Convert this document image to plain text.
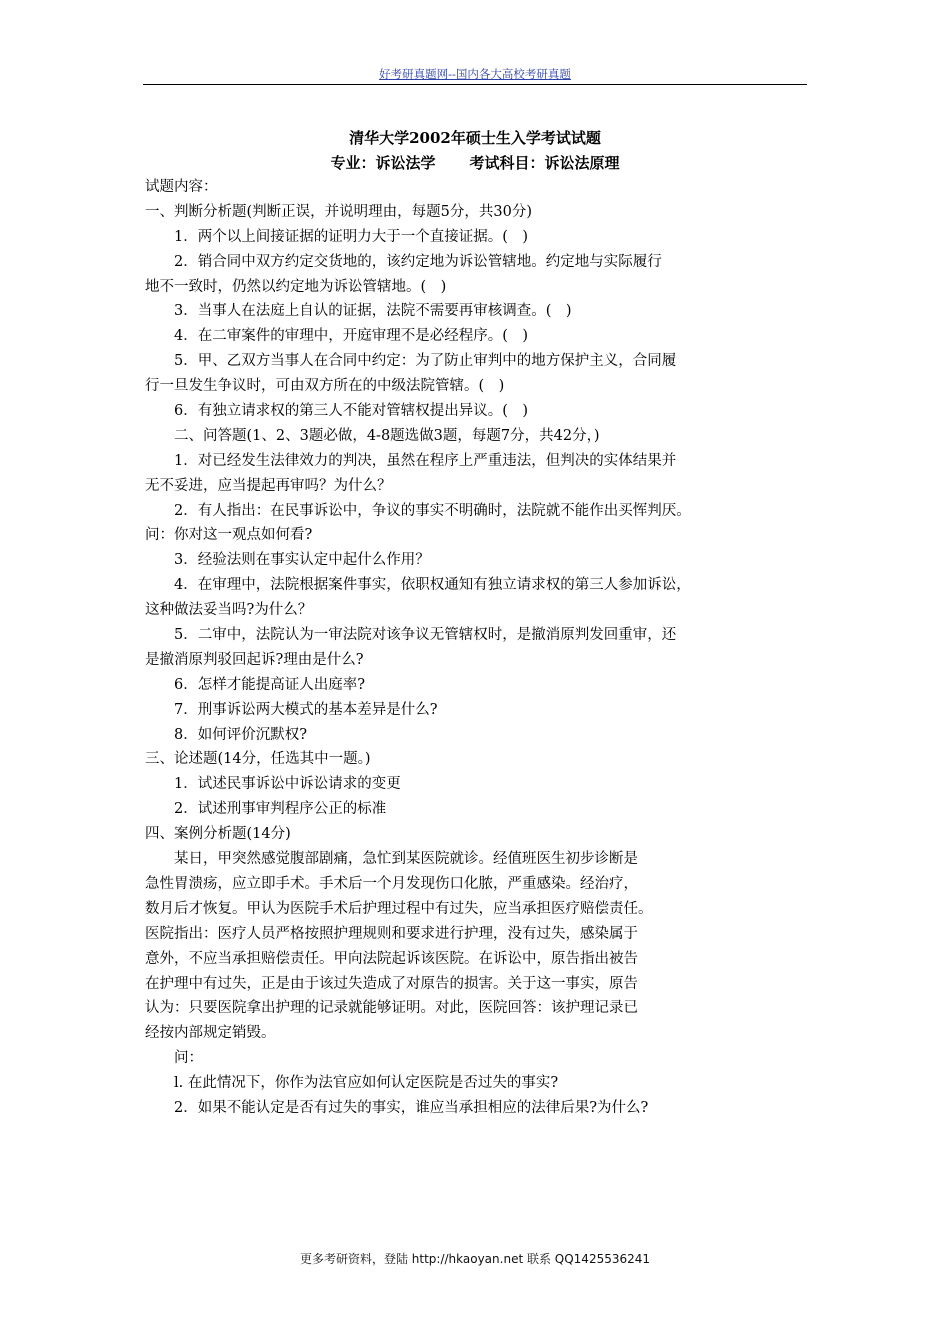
好考研真题网--国内各大高校考研真题
清华大学2002年硕士生入学考试试题
专业：诉讼法学 考试科目：诉讼法原理
试题内容：
一、判断分析题(判断正误，并说明理由，每题5分，共30分)
1．两个以上间接证据的证明力大于一个直接证据。(　)
2．销合同中双方约定交货地的，该约定地为诉讼管辖地。约定地与实际履行
地不一致时，仍然以约定地为诉讼管辖地。(　)
3．当事人在法庭上自认的证据，法院不需要再审核调查。(　)
4．在二审案件的审理中，开庭审理不是必经程序。(　)
5．甲、乙双方当事人在合同中约定：为了防止审判中的地方保护主义，合同履
行一旦发生争议时，可由双方所在的中级法院管辖。(　)
6．有独立请求权的第三人不能对管辖权提出异议。(　)
二、问答题(1、2、3题必做，4-8题选做3题，每题7分，共42分，)
1．对已经发生法律效力的判决，虽然在程序上严重违法，但判决的实体结果并
无不妥进，应当提起再审吗？为什么？
2．有人指出：在民事诉讼中，争议的事实不明确时，法院就不能作出买恽判厌。
问：你对这一观点如何看?
3．经验法则在事实认定中起什么作用？
4．在审理中，法院根据案件事实，依职权通知有独立请求权的第三人参加诉讼，
这种做法妥当吗?为什么？
5．二审中，法院认为一审法院对该争议无管辖权时，是撤消原判发回重审，还
是撤消原判驳回起诉?理由是什么?
6．怎样才能提高证人出庭率?
7．刑事诉讼两大模式的基本差异是什么?
8．如何评价沉默权?
三、论述题(14分，任选其中一题。)
1．试述民事诉讼中诉讼请求的变更
2．试述刑事审判程序公正的标准
四、案例分析题(14分)
某日，甲突然感觉腹部剧痛，急忙到某医院就诊。经值班医生初步诊断是
急性胃溃疡，应立即手术。手术后一个月发现伤口化脓，严重感染。经治疗，
数月后才恢复。甲认为医院手术后护理过程中有过失，应当承担医疗赔偿责任。
医院指出：医疗人员严格按照护理规则和要求进行护理，没有过失，感染属于
意外，不应当承担赔偿责任。甲向法院起诉该医院。在诉讼中，原告指出被告
在护理中有过失，正是由于该过失造成了对原告的损害。关于这一事实，原告
认为：只要医院拿出护理的记录就能够证明。对此，医院回答：该护理记录已
经按内部规定销毁。
问：
l. 在此情况下，你作为法官应如何认定医院是否过失的事实?
2．如果不能认定是否有过失的事实，谁应当承担相应的法律后果?为什么?
更多考研资料，登陆 http://hkaoyan.net 联系 QQ1425536241
